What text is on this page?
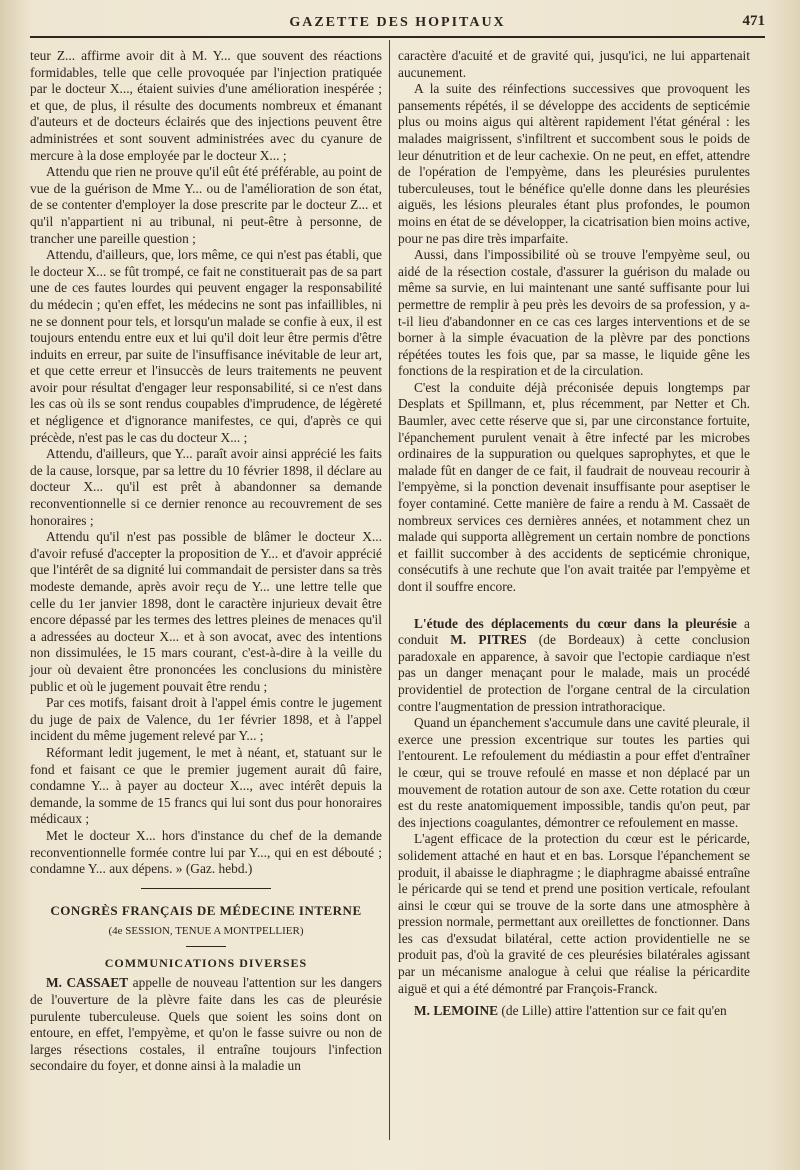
GAZETTE DES HOPITAUX	471

teur Z... affirme avoir dit à M. Y... que souvent des réactions formidables, telle que celle provoquée par l'injection pratiquée par le docteur X..., étaient suivies d'une amélioration inespérée ; et que, de plus, il résulte des documents nombreux et émanant d'auteurs et de docteurs éclairés que des injections peuvent être administrées et sont souvent administrées avec du cyanure de mercure à la dose employée par le docteur X... ;

Attendu que rien ne prouve qu'il eût été préférable, au point de vue de la guérison de Mme Y... ou de l'amélioration de son état, de se contenter d'employer la dose prescrite par le docteur Z... et qu'il n'appartient ni au tribunal, ni peut-être à personne, de trancher une pareille question ;

Attendu, d'ailleurs, que, lors même, ce qui n'est pas établi, que le docteur X... se fût trompé, ce fait ne constituerait pas de sa part une de ces fautes lourdes qui peuvent engager la responsabilité du médecin ; qu'en effet, les médecins ne sont pas infaillibles, ni ne se donnent pour tels, et lorsqu'un malade se confie à eux, il est toujours entendu entre eux et lui qu'il doit leur être permis d'être induits en erreur, par suite de l'insuffisance inévitable de leur art, et que cette erreur et l'insuccès de leurs traitements ne peuvent avoir pour résultat d'engager leur responsabilité, si ce n'est dans les cas où ils se sont rendus coupables d'imprudence, de légèreté et négligence et d'ignorance manifestes, ce qui, d'après ce qui précède, n'est pas le cas du docteur X... ;

Attendu, d'ailleurs, que Y... paraît avoir ainsi apprécié les faits de la cause, lorsque, par sa lettre du 10 février 1898, il déclare au docteur X... qu'il est prêt à abandonner sa demande reconventionnelle si ce dernier renonce au recouvrement de ses honoraires ;

Attendu qu'il n'est pas possible de blâmer le docteur X... d'avoir refusé d'accepter la proposition de Y... et d'avoir apprécié que l'intérêt de sa dignité lui commandait de persister dans sa très modeste demande, après avoir reçu de Y... une lettre telle que celle du 1er janvier 1898, dont le caractère injurieux devait être encore dépassé par les termes des lettres pleines de menaces qu'il a adressées au docteur X... et à son avocat, avec des intentions non dissimulées, le 15 mars courant, c'est-à-dire à la veille du jour où devaient être prononcées les conclusions du ministère public et où le jugement pouvait être rendu ;

Par ces motifs, faisant droit à l'appel émis contre le jugement du juge de paix de Valence, du 1er février 1898, et à l'appel incident du même jugement relevé par Y... ;

Réformant ledit jugement, le met à néant, et, statuant sur le fond et faisant ce que le premier jugement aurait dû faire, condamne Y... à payer au docteur X..., avec intérêt depuis la demande, la somme de 15 francs qui lui sont dus pour honoraires médicaux ;

Met le docteur X... hors d'instance du chef de la demande reconventionnelle formée contre lui par Y..., qui en est débouté ; condamne Y... aux dépens. » (Gaz. hebd.)

CONGRÈS FRANÇAIS DE MÉDECINE INTERNE

(4e SESSION, TENUE A MONTPELLIER)

COMMUNICATIONS DIVERSES

M. CASSAET appelle de nouveau l'attention sur les dangers de l'ouverture de la plèvre faite dans les cas de pleurésie purulente tuberculeuse. Quels que soient les soins dont on entoure, en effet, l'empyème, et qu'on le fasse suivre ou non de larges résections costales, il entraîne toujours l'infection secondaire du foyer, et donne ainsi à la maladie un

caractère d'acuité et de gravité qui, jusqu'ici, ne lui appartenait aucunement.

A la suite des réinfections successives que provoquent les pansements répétés, il se développe des accidents de septicémie plus ou moins aigus qui altèrent rapidement l'état général : les malades maigrissent, s'infiltrent et succombent sous le poids de leur dénutrition et de leur cachexie. On ne peut, en effet, attendre de l'opération de l'empyème, dans les pleurésies purulentes tuberculeuses, tout le bénéfice qu'elle donne dans les pleurésies aiguës, les lésions pleurales étant plus profondes, le poumon moins en état de se développer, la cicatrisation bien moins active, pour ne pas dire très imparfaite.

Aussi, dans l'impossibilité où se trouve l'empyème seul, ou aidé de la résection costale, d'assurer la guérison du malade ou même sa survie, en lui maintenant une santé suffisante pour lui permettre de remplir à peu près les devoirs de sa profession, y a-t-il lieu d'abandonner en ce cas ces larges interventions et de se borner à la simple évacuation de la plèvre par des ponctions répétées toutes les fois que, par sa masse, le liquide gêne les fonctions de la respiration et de la circulation.

C'est la conduite déjà préconisée depuis longtemps par Desplats et Spillmann, et, plus récemment, par Netter et Ch. Baumler, avec cette réserve que si, par une circonstance fortuite, l'épanchement purulent venait à être infecté par les microbes ordinaires de la suppuration ou quelques saprophytes, et que le malade fût en danger de ce fait, il faudrait de nouveau recourir à l'empyème, si la ponction devenait insuffisante pour aseptiser le foyer contaminé. Cette manière de faire a rendu à M. Cassaët de nombreux services ces dernières années, et notamment chez un malade qui supporta allègrement un certain nombre de ponctions et faillit succomber à des accidents de septicémie chronique, consécutifs à une rechute que l'on avait traitée par l'empyème et dont il souffre encore.

L'étude des déplacements du cœur dans la pleurésie a conduit M. PITRES (de Bordeaux) à cette conclusion paradoxale en apparence, à savoir que l'ectopie cardiaque n'est pas un danger menaçant pour le malade, mais un procédé providentiel de protection de l'organe central de la circulation contre l'augmentation de pression intrathoracique.

Quand un épanchement s'accumule dans une cavité pleurale, il exerce une pression excentrique sur toutes les parties qui l'entourent. Le refoulement du médiastin a pour effet d'entraîner le cœur, qui se trouve refoulé en masse et non déplacé par un mouvement de rotation autour de son axe. Cette rotation du cœur est du reste anatomiquement impossible, tandis qu'on peut, par des injections coagulantes, démontrer ce refoulement en masse.

L'agent efficace de la protection du cœur est le péricarde, solidement attaché en haut et en bas. Lorsque l'épanchement se produit, il abaisse le diaphragme ; le diaphragme abaissé entraîne le péricarde qui se tend et prend une position verticale, refoulant ainsi le cœur qui se trouve de la sorte dans une atmosphère à pression normale, permettant aux oreillettes de fonctionner. Dans les cas d'exsudat bilatéral, cette action providentielle ne se produit pas, d'où la gravité de ces pleurésies bilatérales agissant par un mécanisme analogue à celui que réalise la péricardite aiguë et qui a été démontré par François-Franck.

M. LEMOINE (de Lille) attire l'attention sur ce fait qu'en
